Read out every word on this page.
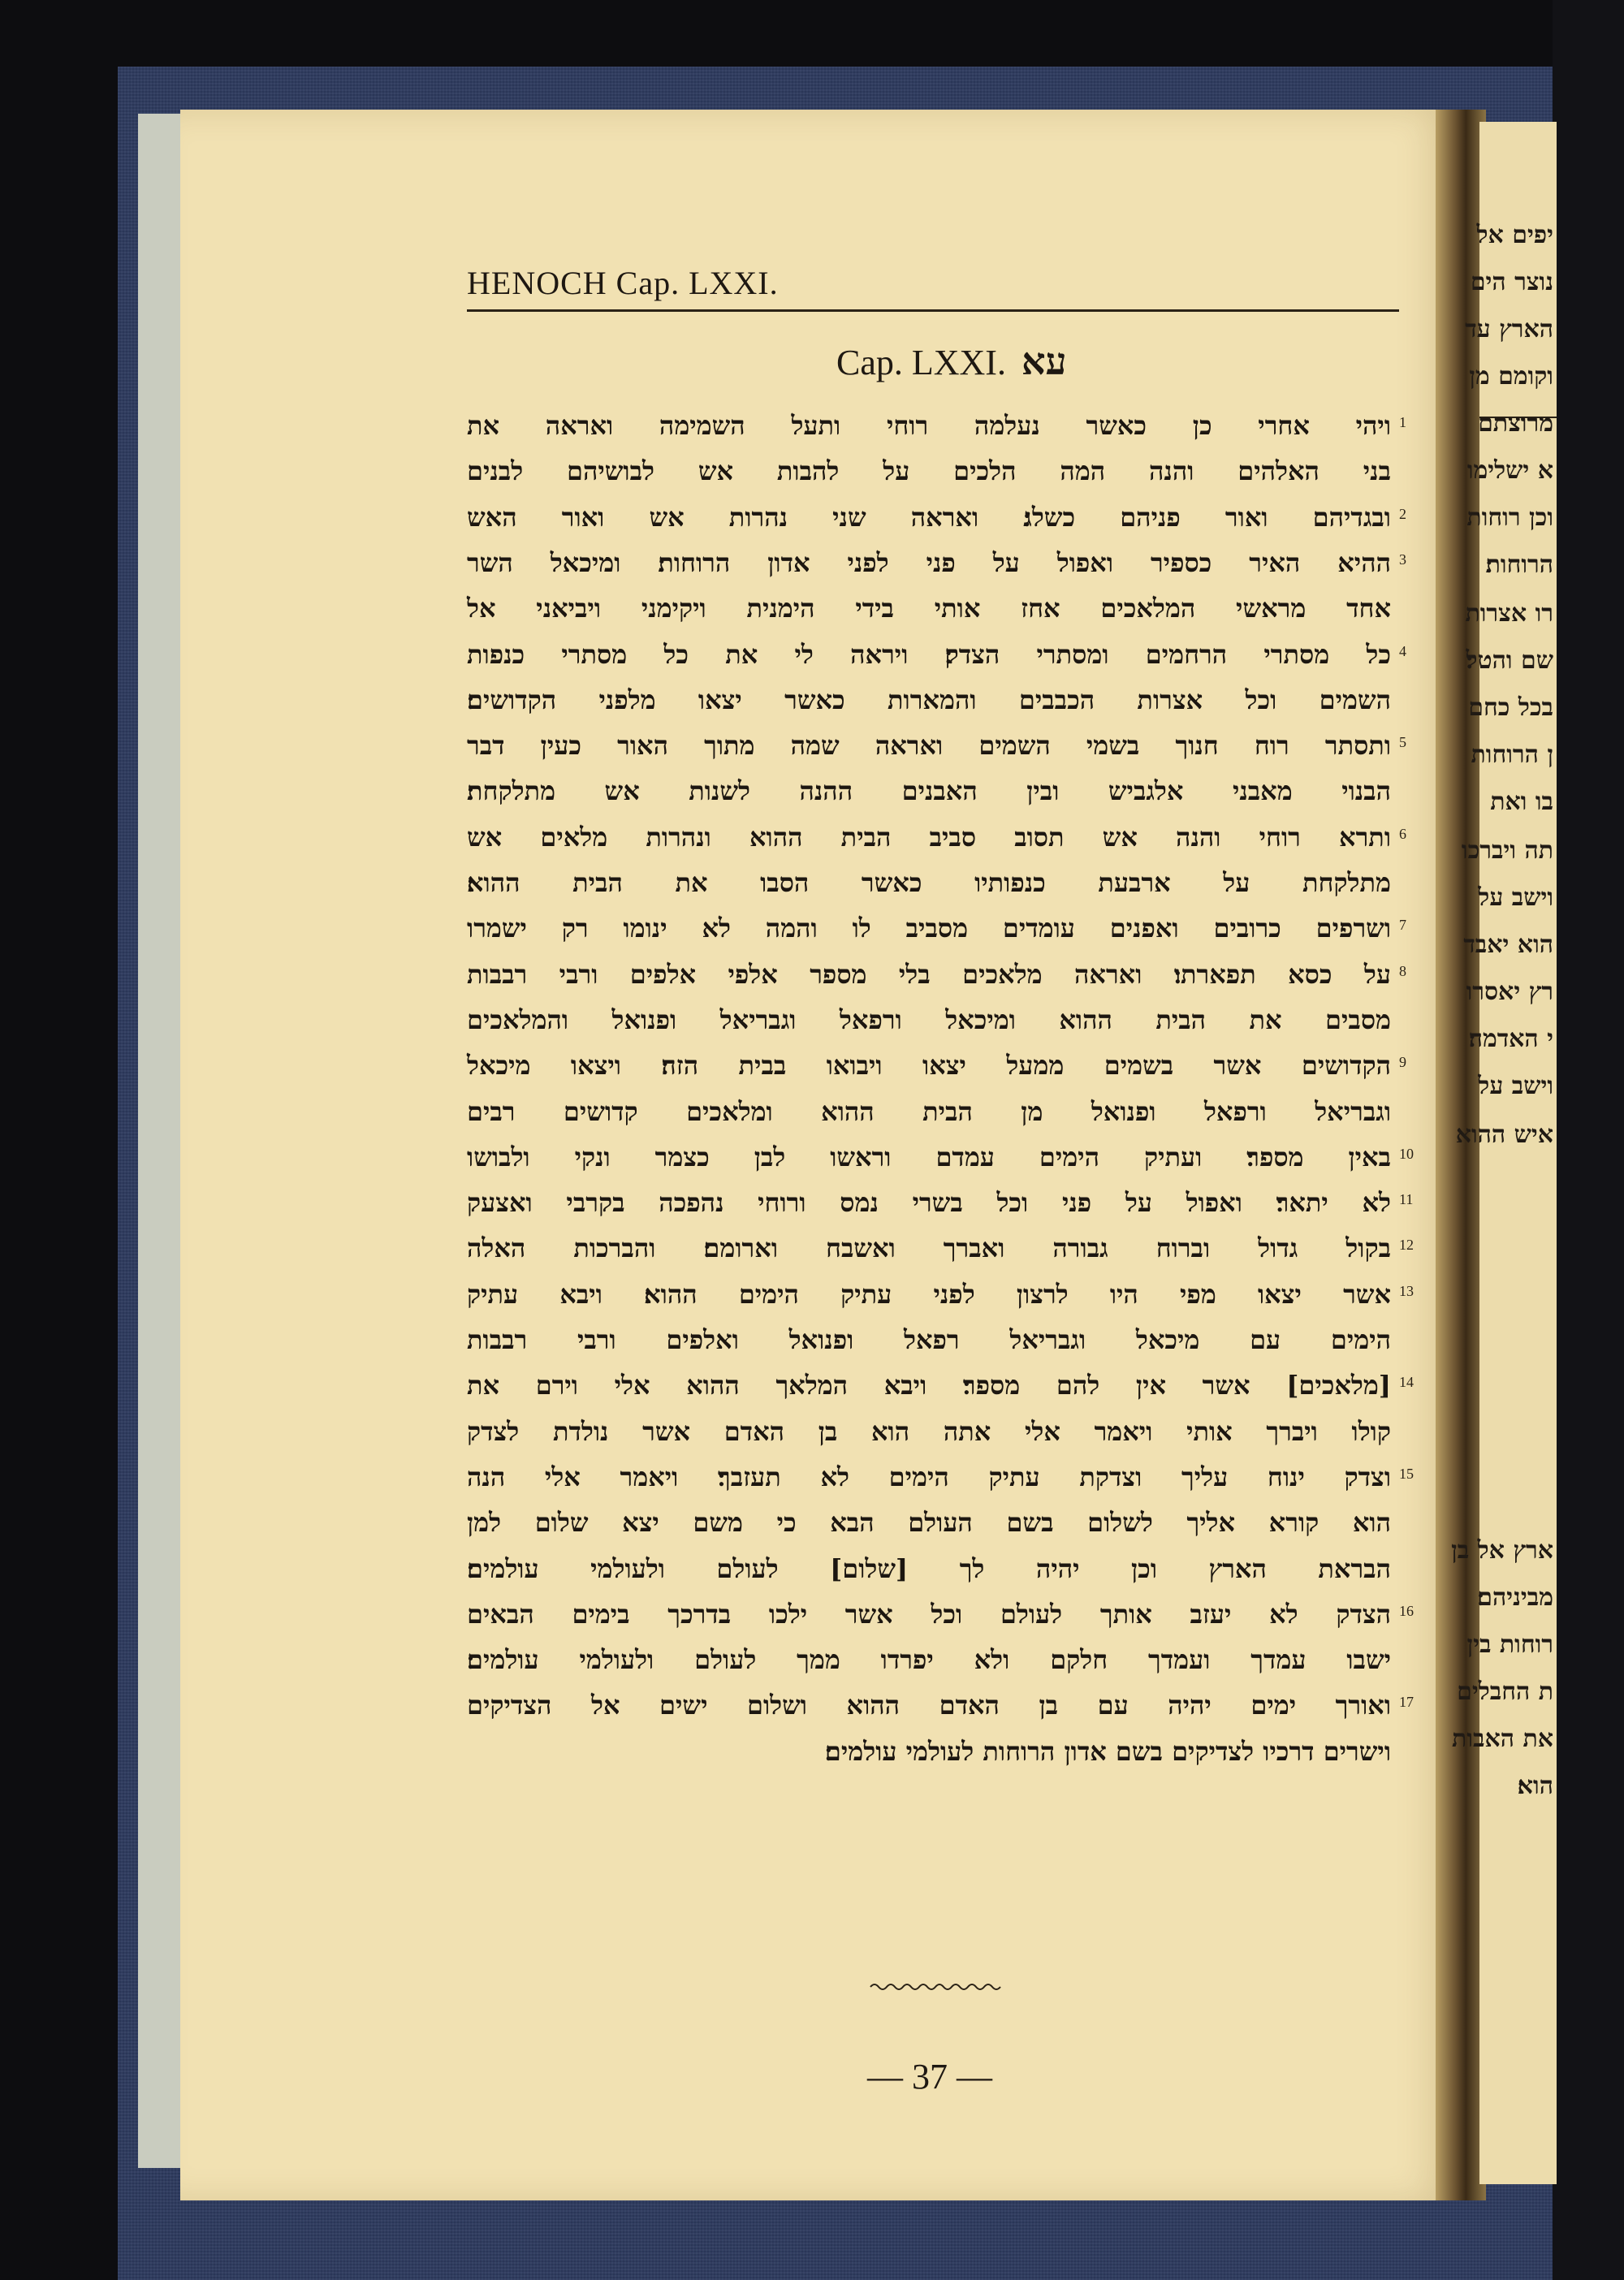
יפים אל
נוצר הים
הארץ עד
וקומם מן
מרוצתם
א ישלימו
וכן רוחות
הרוחות׃
רו אצרות
שם והטל׃
בכל כחם
ן הרוחות
בו ואת
תה ויברכו
וישב על
הוא יאבד
רץ יאסרו
י האדמה׃
וישב על
איש ההוא
ארץ אל בן
מביניהם׃
רוחות בין
ת החבלים
את האבות
הוא׃
HENOCH Cap. LXXI.
Cap. LXXI. עא
ויהי אחרי כן כאשר נעלמה רוחי ותעל השמימה ואראה את 1
בני האלהים והנה המה הלכים על להבות אש לבושיהם לבנים
ובגדיהם ואור פניהם כשלג׃ ואראה שני נהרות אש ואור האש 2
ההיא האיר כספיר ואפול על פני לפני אדון הרוחות׃ ומיכאל השר 3
אחד מראשי המלאכים אחז אותי בידי הימנית ויקימני ויביאני אל
כל מסתרי הרחמים ומסתרי הצדק׃ ויראה לי את כל מסתרי כנפות 4
השמים וכל אצרות הכבבים והמארות כאשר יצאו מלפני הקדושים׃
ותסתר רוח חנוך בשמי השמים ואראה שמה מתוך האור כעין דבר 5
הבנוי מאבני אלגביש ובין האבנים ההנה לשנות אש מתלקחת׃
ותרא רוחי והנה אש תסוב סביב הבית ההוא ונהרות מלאים אש 6
מתלקחת על ארבעת כנפותיו כאשר הסבו את הבית ההוא׃
ושרפים כרובים ואפנים עומדים מסביב לו והמה לא ינומו רק ישמרו 7
על כסא תפארתו׃ ואראה מלאכים בלי מספר אלפי אלפים ורבי רבבות 8
מסבים את הבית ההוא ומיכאל ורפאל וגבריאל ופנואל והמלאכים
הקדושים אשר בשמים ממעל יצאו ויבואו בבית הזה׃ ויצאו מיכאל 9
וגבריאל ורפאל ופנואל מן הבית ההוא ומלאכים קדושים רבים
באין מספר׃ ועתיק הימים עמדם וראשו לבן כצמר ונקי ולבושו 10
לא יתאר׃ ואפול על פני וכל בשרי נמס ורוחי נהפכה בקרבי ואצעק 11
בקול גדול וברוח גבורה ואברך ואשבח וארומם׃ והברכות האלה 12
אשר יצאו מפי היו לרצון לפני עתיק הימים ההוא׃ ויבא עתיק 13
הימים עם מיכאל וגבריאל רפאל ופנואל ואלפים ורבי רבבות
[מלאכים] אשר אין להם מספר׃ ויבא המלאך ההוא אלי וירם את 14
קולו ויברך אותי ויאמר אלי אתה הוא בן האדם אשר נולדת לצדק
וצדק ינוח עליך וצדקת עתיק הימים לא תעזבך׃ ויאמר אלי הנה 15
הוא קורא אליך לשלום בשם העולם הבא כי משם יצא שלום למן
הבראת הארץ וכן יהיה לך [שלום] לעולם ולעולמי עולמים׃
הצדק לא יעזב אותך לעולם וכל אשר ילכו בדרכך בימים הבאים 16
ישבו עמדך ועמדך חלקם ולא יפרדו ממך לעולם ולעולמי עולמים׃
ואורך ימים יהיה עם בן האדם ההוא ושלום ישים אל הצדיקים 17
וישרים דרכיו לצדיקים בשם אדון הרוחות לעולמי עולמים׃
— 37 —
